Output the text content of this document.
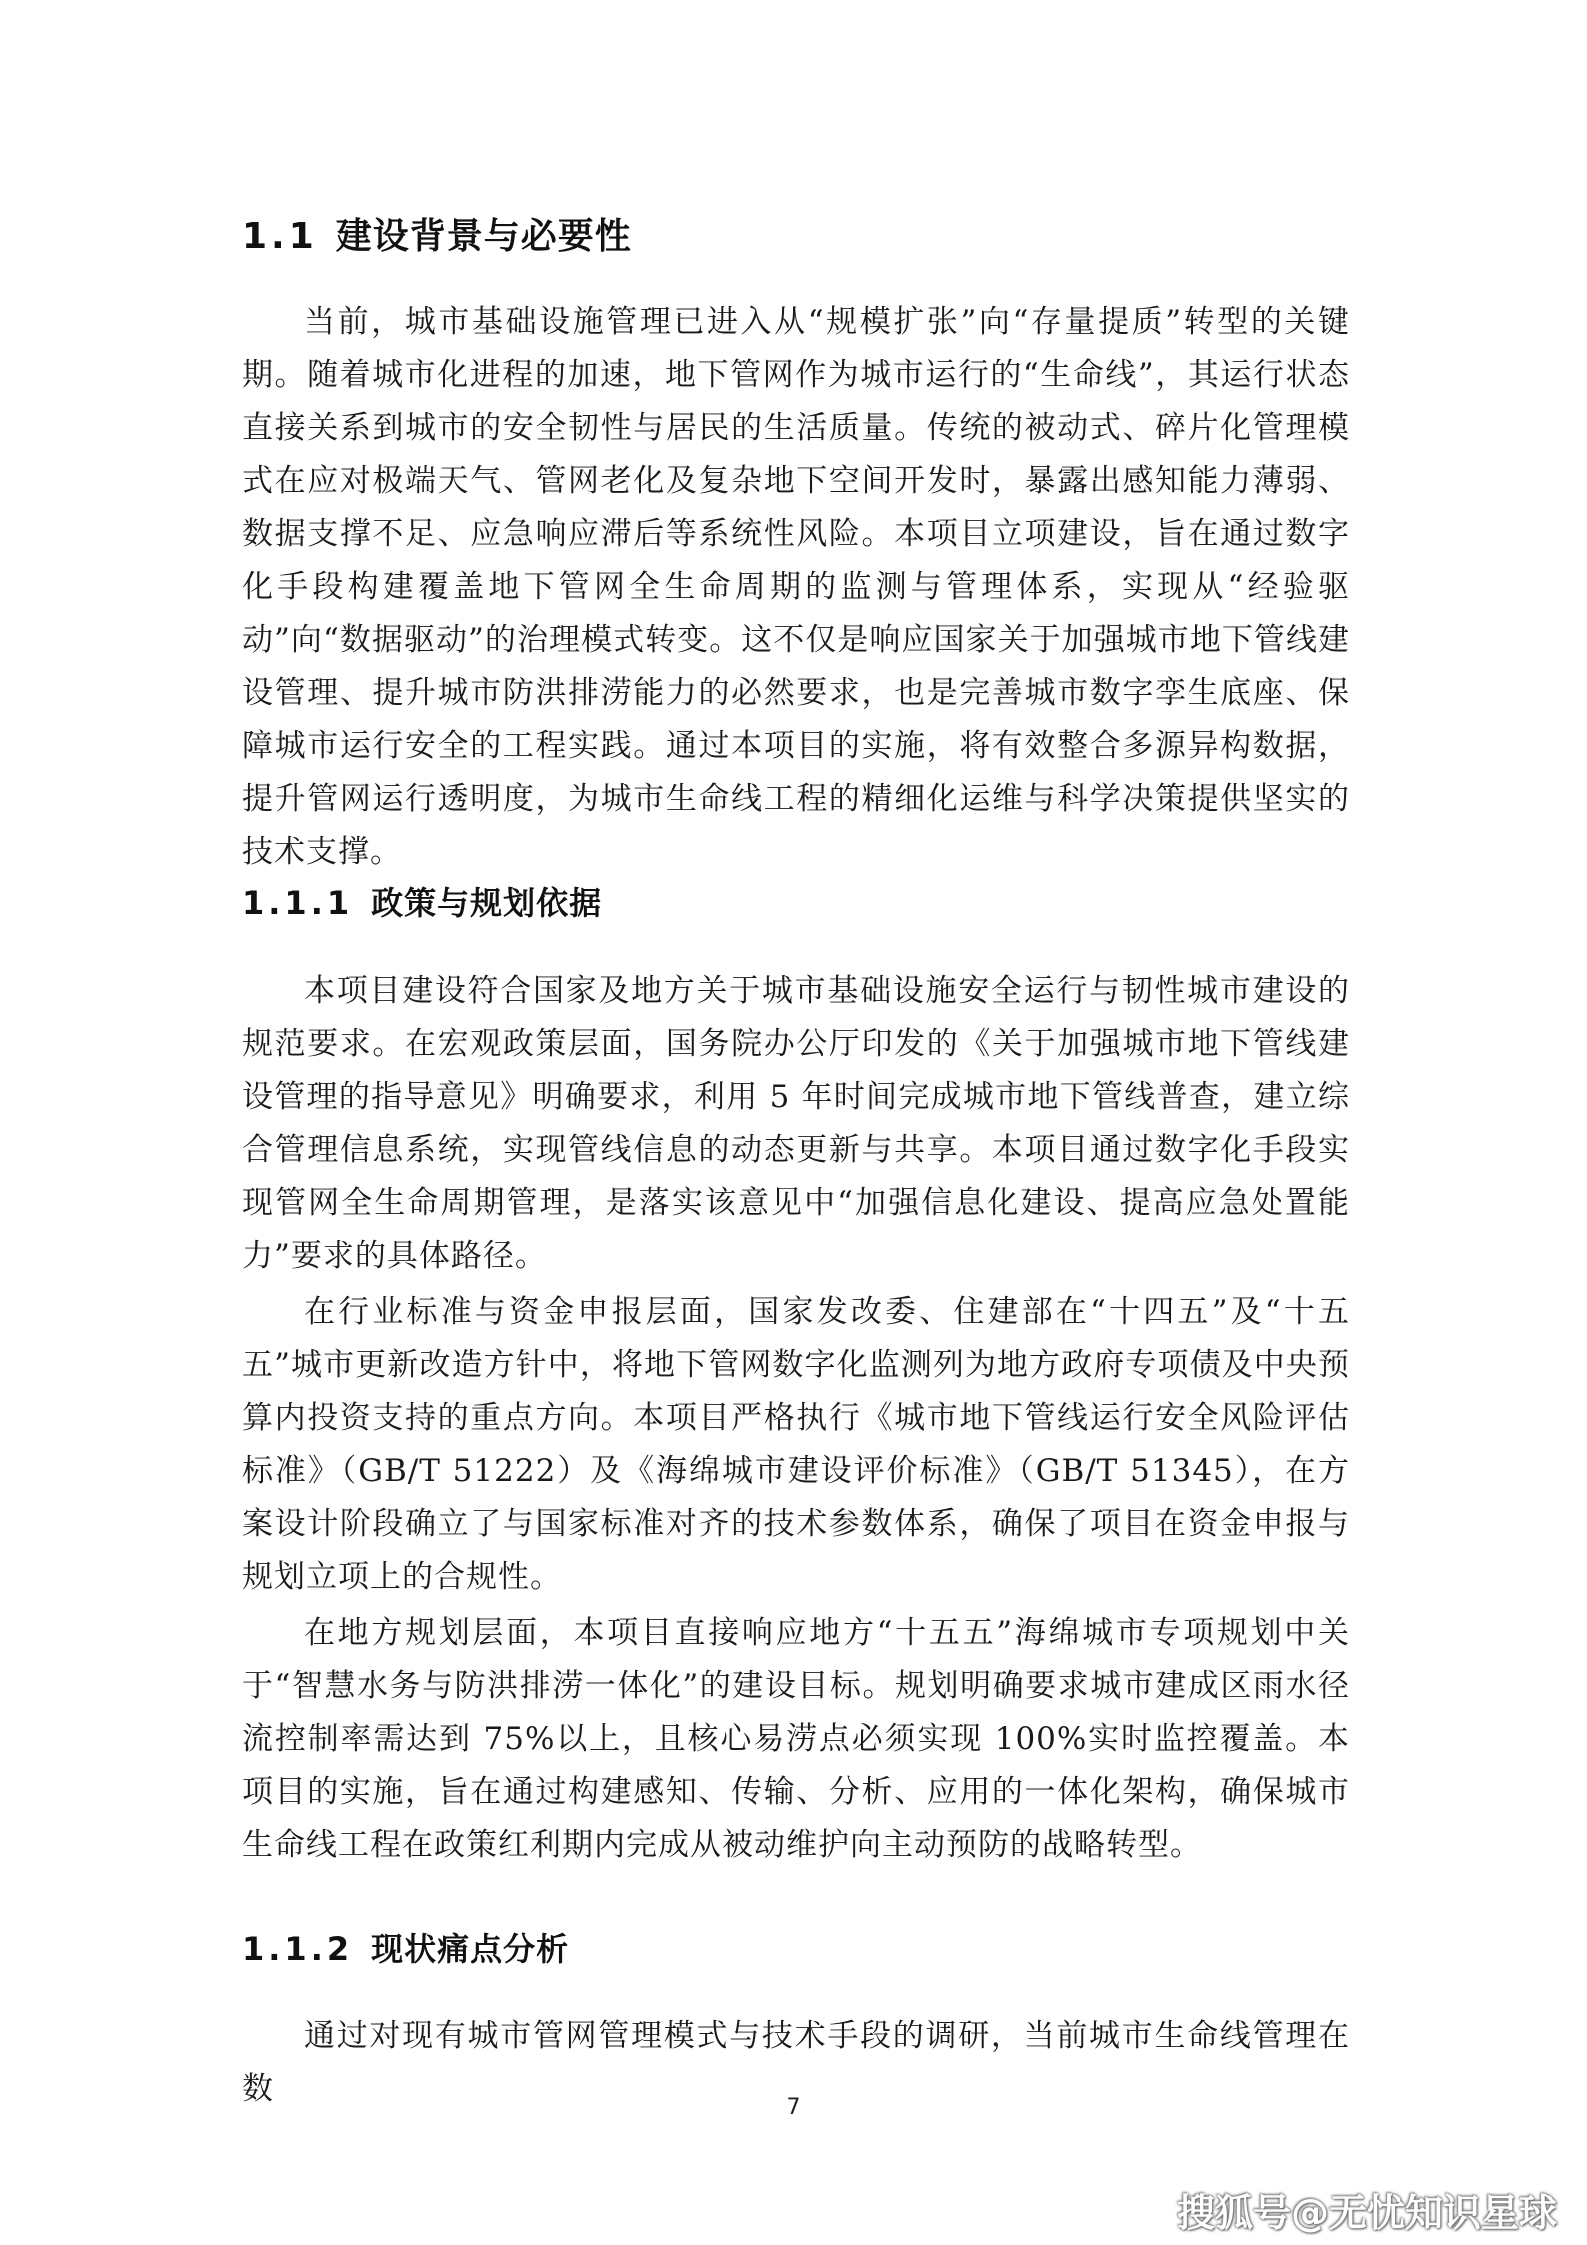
1.1 建设背景与必要性

当前，城市基础设施管理已进入从“规模扩张”向“存量提质”转型的关键期。随着城市化进程的加速，地下管网作为城市运行的“生命线”，其运行状态直接关系到城市的安全韧性与居民的生活质量。传统的被动式、碎片化管理模式在应对极端天气、管网老化及复杂地下空间开发时，暴露出感知能力薄弱、数据支撑不足、应急响应滞后等系统性风险。本项目立项建设，旨在通过数字化手段构建覆盖地下管网全生命周期的监测与管理体系，实现从“经验驱动”向“数据驱动”的治理模式转变。这不仅是响应国家关于加强城市地下管线建设管理、提升城市防洪排涝能力的必然要求，也是完善城市数字孪生底座、保障城市运行安全的工程实践。通过本项目的实施，将有效整合多源异构数据，提升管网运行透明度，为城市生命线工程的精细化运维与科学决策提供坚实的技术支撑。

1.1.1 政策与规划依据

本项目建设符合国家及地方关于城市基础设施安全运行与韧性城市建设的规范要求。在宏观政策层面，国务院办公厅印发的《关于加强城市地下管线建设管理的指导意见》明确要求，利用 5 年时间完成城市地下管线普查，建立综合管理信息系统，实现管线信息的动态更新与共享。本项目通过数字化手段实现管网全生命周期管理，是落实该意见中“加强信息化建设、提高应急处置能力”要求的具体路径。

在行业标准与资金申报层面，国家发改委、住建部在“十四五”及“十五五”城市更新改造方针中，将地下管网数字化监测列为地方政府专项债及中央预算内投资支持的重点方向。本项目严格执行《城市地下管线运行安全风险评估标准》（GB/T 51222）及《海绵城市建设评价标准》（GB/T 51345），在方案设计阶段确立了与国家标准对齐的技术参数体系，确保了项目在资金申报与规划立项上的合规性。

在地方规划层面，本项目直接响应地方“十五五”海绵城市专项规划中关于“智慧水务与防洪排涝一体化”的建设目标。规划明确要求城市建成区雨水径流控制率需达到 75%以上，且核心易涝点必须实现 100%实时监控覆盖。本项目的实施，旨在通过构建感知、传输、分析、应用的一体化架构，确保城市生命线工程在政策红利期内完成从被动维护向主动预防的战略转型。

1.1.2 现状痛点分析

通过对现有城市管网管理模式与技术手段的调研，当前城市生命线管理在数

7

搜狐号@无忧知识星球
